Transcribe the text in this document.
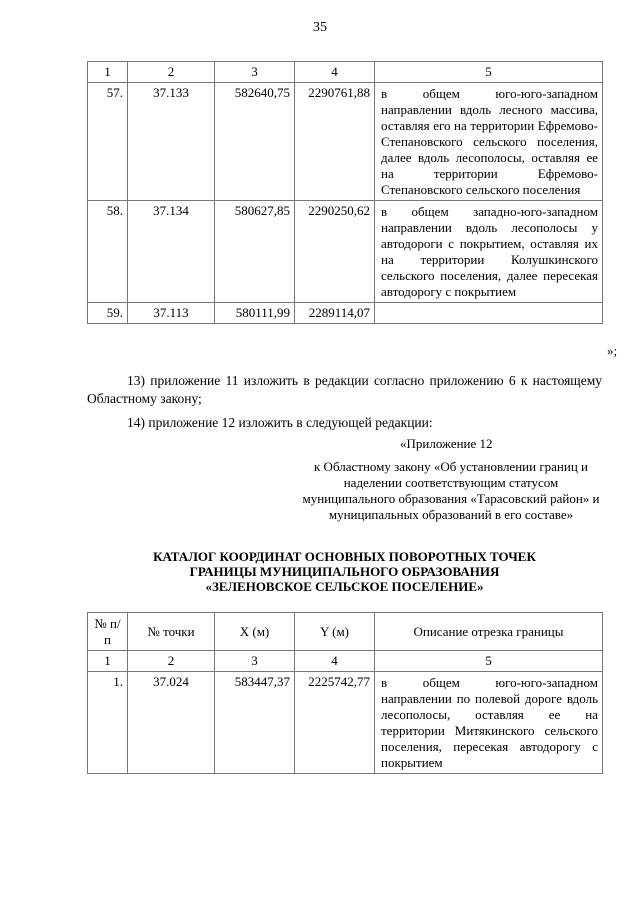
35
1	2	3	4	5
57.	37.133	582640,75	2290761,88	в общем юго-юго-западном направлении вдоль лесного массива, оставляя его на территории Ефремово-Степановского сельского поселения, далее вдоль лесополосы, оставляя ее на территории Ефремово-Степановского сельского поселения
58.	37.134	580627,85	2290250,62	в общем западно-юго-западном направлении вдоль лесополосы у автодороги с покрытием, оставляя их на территории Колушкинского сельского поселения, далее пересекая автодорогу с покрытием
59.	37.113	580111,99	2289114,07	
»;
13) приложение 11 изложить в редакции согласно приложению 6 к настоящему Областному закону;
14) приложение 12 изложить в следующей редакции:
«Приложение 12
к Областному закону «Об установлении границ и наделении соответствующим статусом муниципального образования «Тарасовский район» и муниципальных образований в его составе»
КАТАЛОГ КООРДИНАТ ОСНОВНЫХ ПОВОРОТНЫХ ТОЧЕК
ГРАНИЦЫ МУНИЦИПАЛЬНОГО ОБРАЗОВАНИЯ
«ЗЕЛЕНОВСКОЕ СЕЛЬСКОЕ ПОСЕЛЕНИЕ»
№ п/п	№ точки	X (м)	Y (м)	Описание отрезка границы
1	2	3	4	5
1.	37.024	583447,37	2225742,77	в общем юго-юго-западном направлении по полевой дороге вдоль лесополосы, оставляя ее на территории Митякинского сельского поселения, пересекая автодорогу с покрытием
